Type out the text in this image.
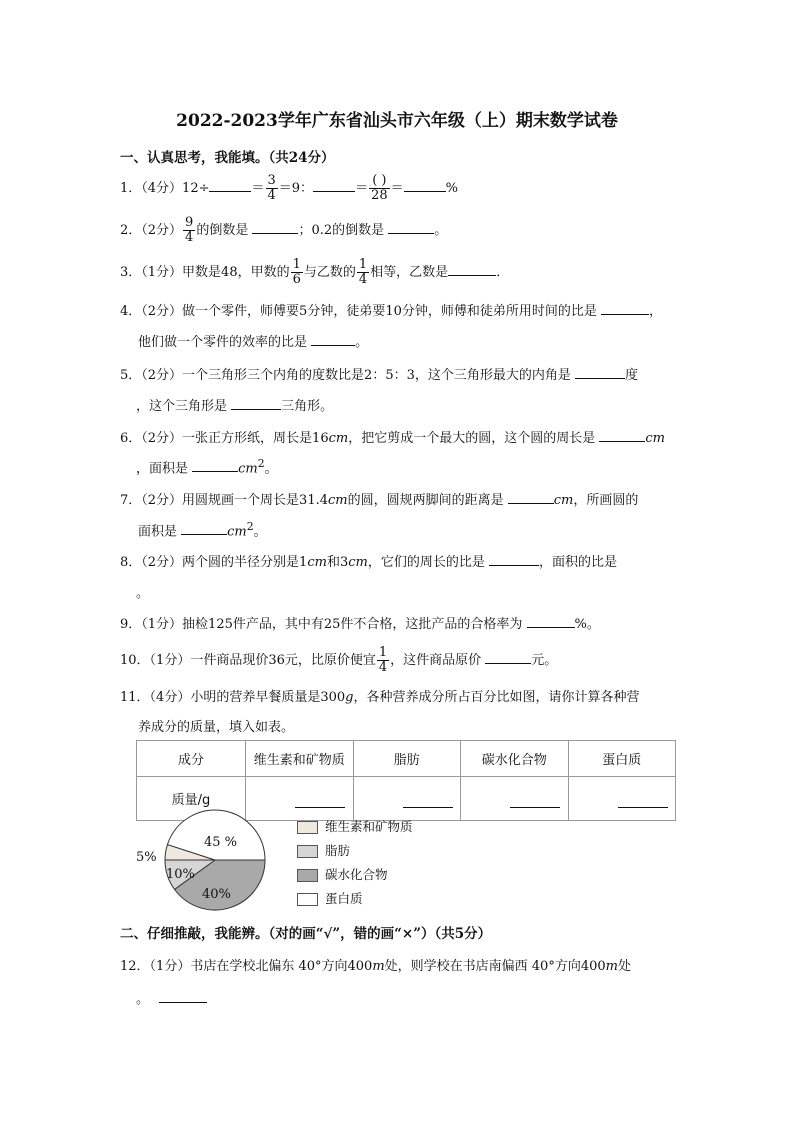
2022-2023学年广东省汕头市六年级（上）期末数学试卷
一、认真思考，我能填。（共24分）
1．（4分）12÷	＝ $\frac{3}{4} =9$：	＝ $\frac{( )}{28}$ ＝	%
2．（2分） $\frac{9}{4}$ 的倒数是	；0.2的倒数是	。
3．（1分）甲数是48，甲数的 $\frac{1}{6}$ 与乙数的 $\frac{1}{4}$ 相等，乙数是	．
4．（2分）做一个零件，师傅要5分钟，徒弟要10分钟，师傅和徒弟所用时间的比是	，
他们做一个零件的效率的比是	。
5．（2分）一个三角形三个内角的度数比是2：5：3，这个三角形最大的内角是	度
，这个三角形是	三角形。
6．（2分）一张正方形纸，周长是16cm，把它剪成一个最大的圆，这个圆的周长是	cm
，面积是	$cm^2$。
7．（2分）用圆规画一个周长是31.4cm的圆，圆规两脚间的距离是	cm，所画圆的
面积是	$cm^2$。
8．（2分）两个圆的半径分别是1cm和3cm，它们的周长的比是	，面积的比是
。
9．（1分）抽检125件产品，其中有25件不合格，这批产品的合格率为	%。
10．（1分）一件商品现价36元，比原价便宜 $\frac{1}{4}$ ，这件商品原价	元。
11．（4分）小明的营养早餐质量是300g，各种营养成分所占百分比如图，请你计算各种营
养成分的质量，填入如表。
成分	维生素和矿物质	脂肪	碳水化合物	蛋白质
质量/g				
45 %
5%
10%
40%
维生素和矿物质
脂肪
碳水化合物
蛋白质
二、仔细推敲，我能辨。（对的画“√”，错的画“×”）（共5分）
12．（1分）书店在学校北偏东 40°方向400m处，则学校在书店南偏西 40°方向400m处
。
